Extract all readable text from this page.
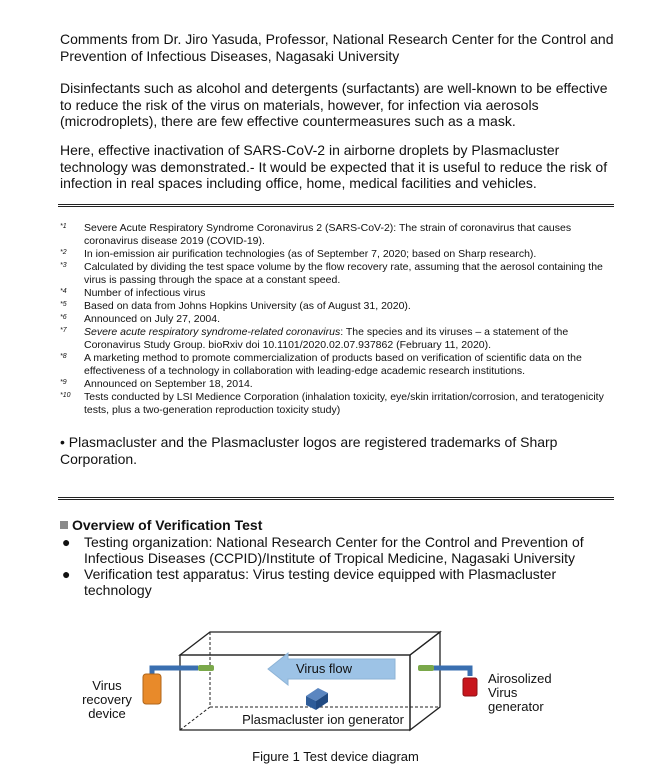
Comments from Dr. Jiro Yasuda, Professor, National Research Center for the Control and Prevention of Infectious Diseases, Nagasaki University

Disinfectants such as alcohol and detergents (surfactants) are well-known to be effective to reduce the risk of the virus on materials, however, for infection via aerosols (microdroplets), there are few effective countermeasures such as a mask.

Here, effective inactivation of SARS-CoV-2 in airborne droplets by Plasmacluster technology was demonstrated.- It would be expected that it is useful to reduce the risk of infection in real spaces including office, home, medical facilities and vehicles.

*1 Severe Acute Respiratory Syndrome Coronavirus 2 (SARS-CoV-2): The strain of coronavirus that causes coronavirus disease 2019 (COVID-19).
*2 In ion-emission air purification technologies (as of September 7, 2020; based on Sharp research).
*3 Calculated by dividing the test space volume by the flow recovery rate, assuming that the aerosol containing the virus is passing through the space at a constant speed.
*4 Number of infectious virus
*5 Based on data from Johns Hopkins University (as of August 31, 2020).
*6 Announced on July 27, 2004.
*7 Severe acute respiratory syndrome-related coronavirus: The species and its viruses – a statement of the Coronavirus Study Group. bioRxiv doi 10.1101/2020.02.07.937862 (February 11, 2020).
*8 A marketing method to promote commercialization of products based on verification of scientific data on the effectiveness of a technology in collaboration with leading-edge academic research institutions.
*9 Announced on September 18, 2014.
*10 Tests conducted by LSI Medience Corporation (inhalation toxicity, eye/skin irritation/corrosion, and teratogenicity tests, plus a two-generation reproduction toxicity study)
• Plasmacluster and the Plasmacluster logos are registered trademarks of Sharp Corporation.
Overview of Verification Test
● Testing organization: National Research Center for the Control and Prevention of Infectious Diseases (CCPID)/Institute of Tropical Medicine, Nagasaki University
● Verification test apparatus: Virus testing device equipped with Plasmacluster technology
Virus flow
Virus
recovery
device
Airosolized
Virus
generator
Plasmacluster ion generator
Figure 1 Test device diagram
